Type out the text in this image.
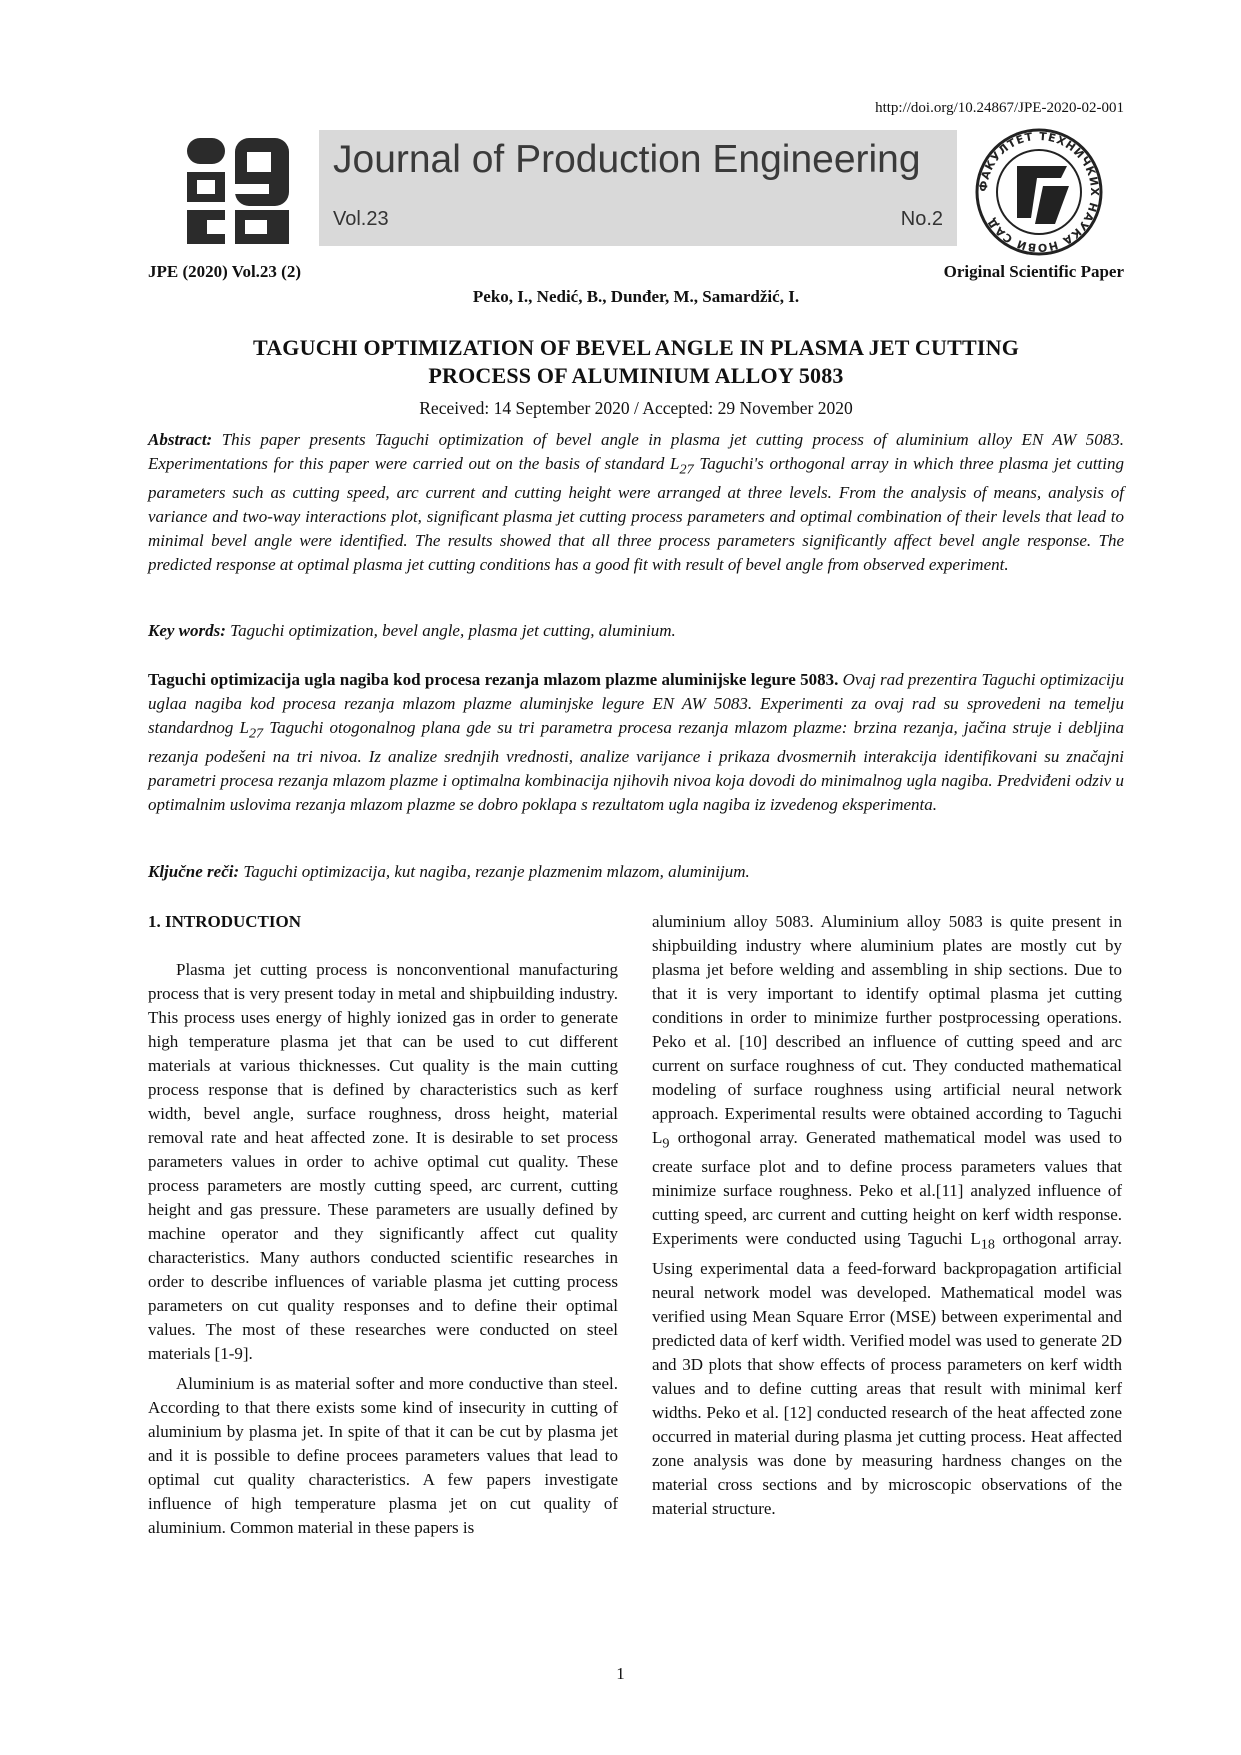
http://doi.org/10.24867/JPE-2020-02-001
Journal of Production Engineering
Vol.23	No.2
ФАКУЛТЕТ ТЕХНИЧКИХ НАУКА НОВИ САД
JPE (2020) Vol.23 (2)	Original Scientific Paper
Peko, I., Nedić, B., Dunđer, M., Samardžić, I.
TAGUCHI OPTIMIZATION OF BEVEL ANGLE IN PLASMA JET CUTTING
PROCESS OF ALUMINIUM ALLOY 5083
Received: 14 September 2020 / Accepted: 29 November 2020
Abstract: This paper presents Taguchi optimization of bevel angle in plasma jet cutting process of aluminium alloy EN AW 5083. Experimentations for this paper were carried out on the basis of standard $L_{27}$ Taguchi's orthogonal array in which three plasma jet cutting parameters such as cutting speed, arc current and cutting height were arranged at three levels. From the analysis of means, analysis of variance and two-way interactions plot, significant plasma jet cutting process parameters and optimal combination of their levels that lead to minimal bevel angle were identified. The results showed that all three process parameters significantly affect bevel angle response. The predicted response at optimal plasma jet cutting conditions has a good fit with result of bevel angle from observed experiment.
Key words: Taguchi optimization, bevel angle, plasma jet cutting, aluminium.
Taguchi optimizacija ugla nagiba kod procesa rezanja mlazom plazme aluminijske legure 5083. Ovaj rad prezentira Taguchi optimizaciju uglaa nagiba kod procesa rezanja mlazom plazme aluminjske legure EN AW 5083. Experimenti za ovaj rad su sprovedeni na temelju standardnog $L_{27}$ Taguchi otogonalnog plana gde su tri parametra procesa rezanja mlazom plazme: brzina rezanja, jačina struje i debljina rezanja podešeni na tri nivoa. Iz analize srednjih vrednosti, analize varijance i prikaza dvosmernih interakcija identifikovani su značajni parametri procesa rezanja mlazom plazme i optimalna kombinacija njihovih nivoa koja dovodi do minimalnog ugla nagiba. Predviđeni odziv u optimalnim uslovima rezanja mlazom plazme se dobro poklapa s rezultatom ugla nagiba iz izvedenog eksperimenta.
Ključne reči: Taguchi optimizacija, kut nagiba, rezanje plazmenim mlazom, aluminijum.
1. INTRODUCTION

Plasma jet cutting process is nonconventional manufacturing process that is very present today in metal and shipbuilding industry. This process uses energy of highly ionized gas in order to generate high temperature plasma jet that can be used to cut different materials at various thicknesses. Cut quality is the main cutting process response that is defined by characteristics such as kerf width, bevel angle, surface roughness, dross height, material removal rate and heat affected zone. It is desirable to set process parameters values in order to achive optimal cut quality. These process parameters are mostly cutting speed, arc current, cutting height and gas pressure. These parameters are usually defined by machine operator and they significantly affect cut quality characteristics. Many authors conducted scientific researches in order to describe influences of variable plasma jet cutting process parameters on cut quality responses and to define their optimal values. The most of these researches were conducted on steel materials [1-9].

Aluminium is as material softer and more conductive than steel. According to that there exists some kind of insecurity in cutting of aluminium by plasma jet. In spite of that it can be cut by plasma jet and it is possible to define procees parameters values that lead to optimal cut quality characteristics. A few papers investigate influence of high temperature plasma jet on cut quality of aluminium. Common material in these papers is

aluminium alloy 5083. Aluminium alloy 5083 is quite present in shipbuilding industry where aluminium plates are mostly cut by plasma jet before welding and assembling in ship sections. Due to that it is very important to identify optimal plasma jet cutting conditions in order to minimize further postprocessing operations. Peko et al. [10] described an influence of cutting speed and arc current on surface roughness of cut. They conducted mathematical modeling of surface roughness using artificial neural network approach. Experimental results were obtained according to Taguchi $L_9$ orthogonal array. Generated mathematical model was used to create surface plot and to define process parameters values that minimize surface roughness. Peko et al.[11] analyzed influence of cutting speed, arc current and cutting height on kerf width response. Experiments were conducted using Taguchi $L_{18}$ orthogonal array. Using experimental data a feed-forward backpropagation artificial neural network model was developed. Mathematical model was verified using Mean Square Error (MSE) between experimental and predicted data of kerf width. Verified model was used to generate 2D and 3D plots that show effects of process parameters on kerf width values and to define cutting areas that result with minimal kerf widths. Peko et al. [12] conducted research of the heat affected zone occurred in material during plasma jet cutting process. Heat affected zone analysis was done by measuring hardness changes on the material cross sections and by microscopic observations of the material structure.

1
